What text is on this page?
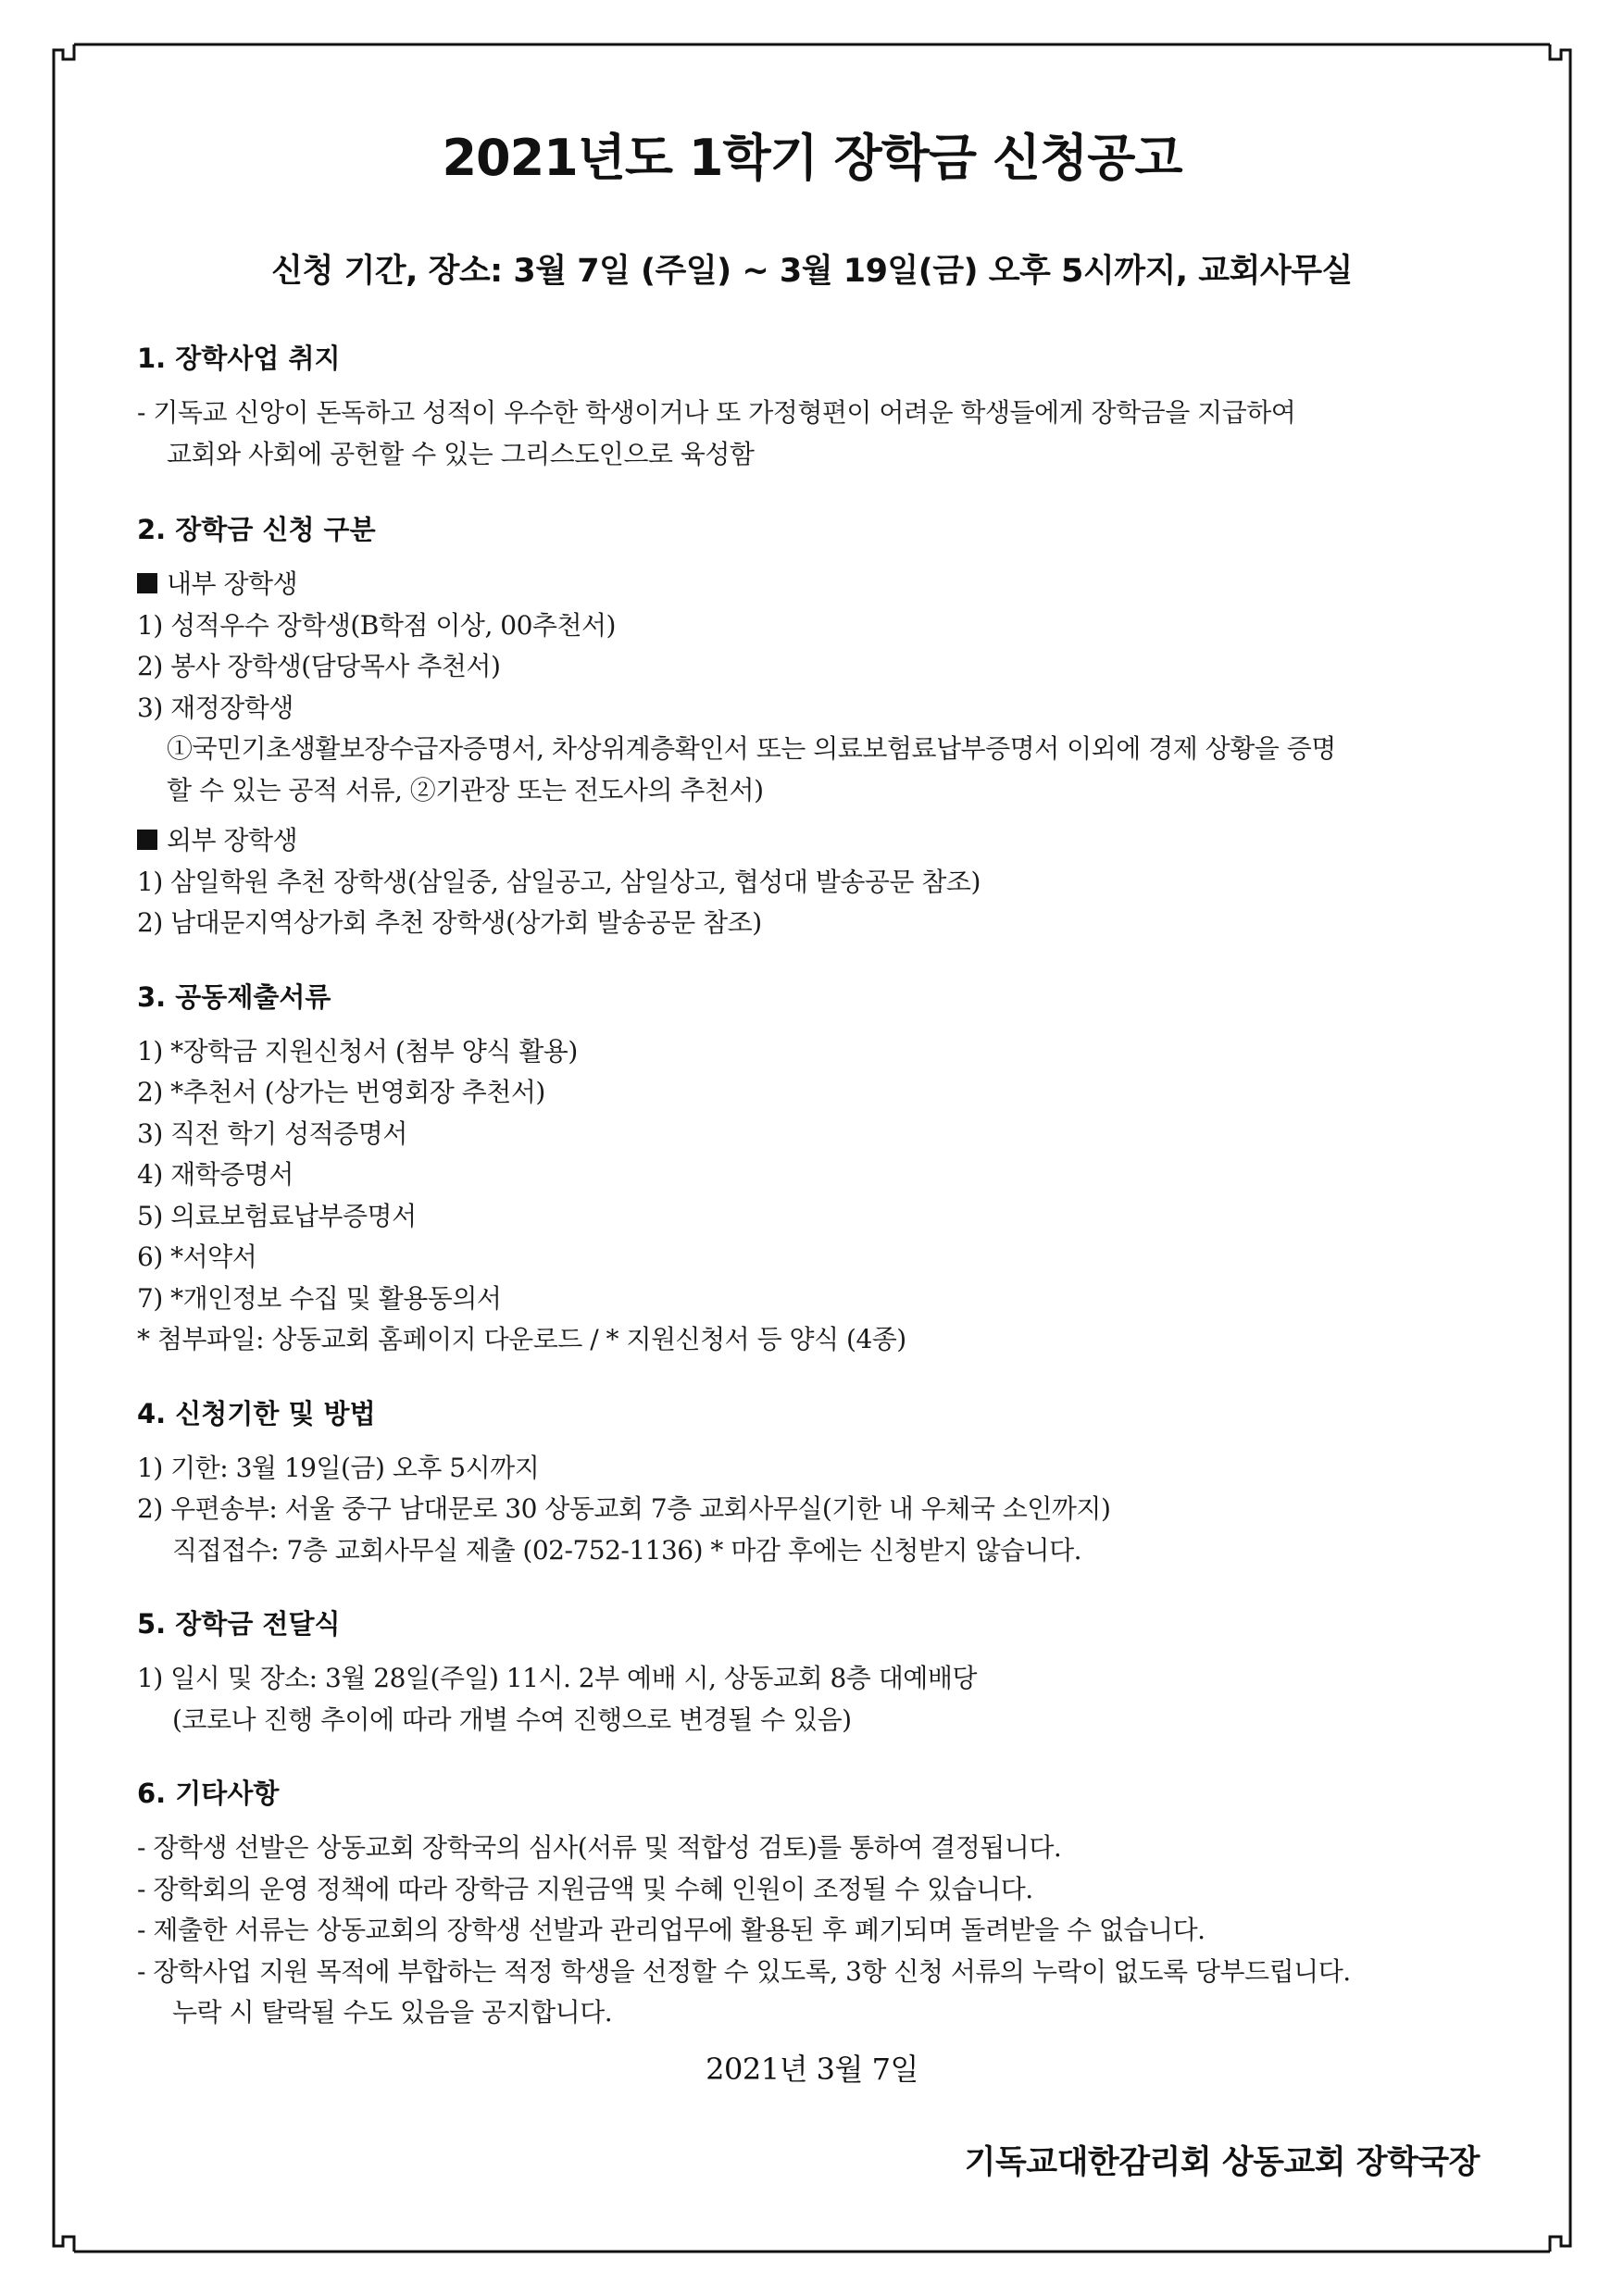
2021년도 1학기 장학금 신청공고
신청 기간, 장소: 3월 7일 (주일) ~ 3월 19일(금) 오후 5시까지, 교회사무실
1. 장학사업 취지
- 기독교 신앙이 돈독하고 성적이 우수한 학생이거나 또 가정형편이 어려운 학생들에게 장학금을 지급하여
교회와 사회에 공헌할 수 있는 그리스도인으로 육성함
2. 장학금 신청 구분
내부 장학생
1) 성적우수 장학생(B학점 이상, 00추천서)
2) 봉사 장학생(담당목사 추천서)
3) 재정장학생
①국민기초생활보장수급자증명서, 차상위계층확인서 또는 의료보험료납부증명서 이외에 경제 상황을 증명
할 수 있는 공적 서류, ②기관장 또는 전도사의 추천서)
외부 장학생
1) 삼일학원 추천 장학생(삼일중, 삼일공고, 삼일상고, 협성대 발송공문 참조)
2) 남대문지역상가회 추천 장학생(상가회 발송공문 참조)
3. 공동제출서류
1) *장학금 지원신청서 (첨부 양식 활용)
2) *추천서 (상가는 번영회장 추천서)
3) 직전 학기 성적증명서
4) 재학증명서
5) 의료보험료납부증명서
6) *서약서
7) *개인정보 수집 및 활용동의서
* 첨부파일: 상동교회 홈페이지 다운로드 / * 지원신청서 등 양식 (4종)
4. 신청기한 및 방법
1) 기한: 3월 19일(금) 오후 5시까지
2) 우편송부: 서울 중구 남대문로 30 상동교회 7층 교회사무실(기한 내 우체국 소인까지)
직접접수: 7층 교회사무실 제출 (02-752-1136) * 마감 후에는 신청받지 않습니다.
5. 장학금 전달식
1) 일시 및 장소: 3월 28일(주일) 11시. 2부 예배 시, 상동교회 8층 대예배당
(코로나 진행 추이에 따라 개별 수여 진행으로 변경될 수 있음)
6. 기타사항
- 장학생 선발은 상동교회 장학국의 심사(서류 및 적합성 검토)를 통하여 결정됩니다.
- 장학회의 운영 정책에 따라 장학금 지원금액 및 수혜 인원이 조정될 수 있습니다.
- 제출한 서류는 상동교회의 장학생 선발과 관리업무에 활용된 후 폐기되며 돌려받을 수 없습니다.
- 장학사업 지원 목적에 부합하는 적정 학생을 선정할 수 있도록, 3항 신청 서류의 누락이 없도록 당부드립니다.
누락 시 탈락될 수도 있음을 공지합니다.
2021년 3월 7일
기독교대한감리회 상동교회 장학국장
